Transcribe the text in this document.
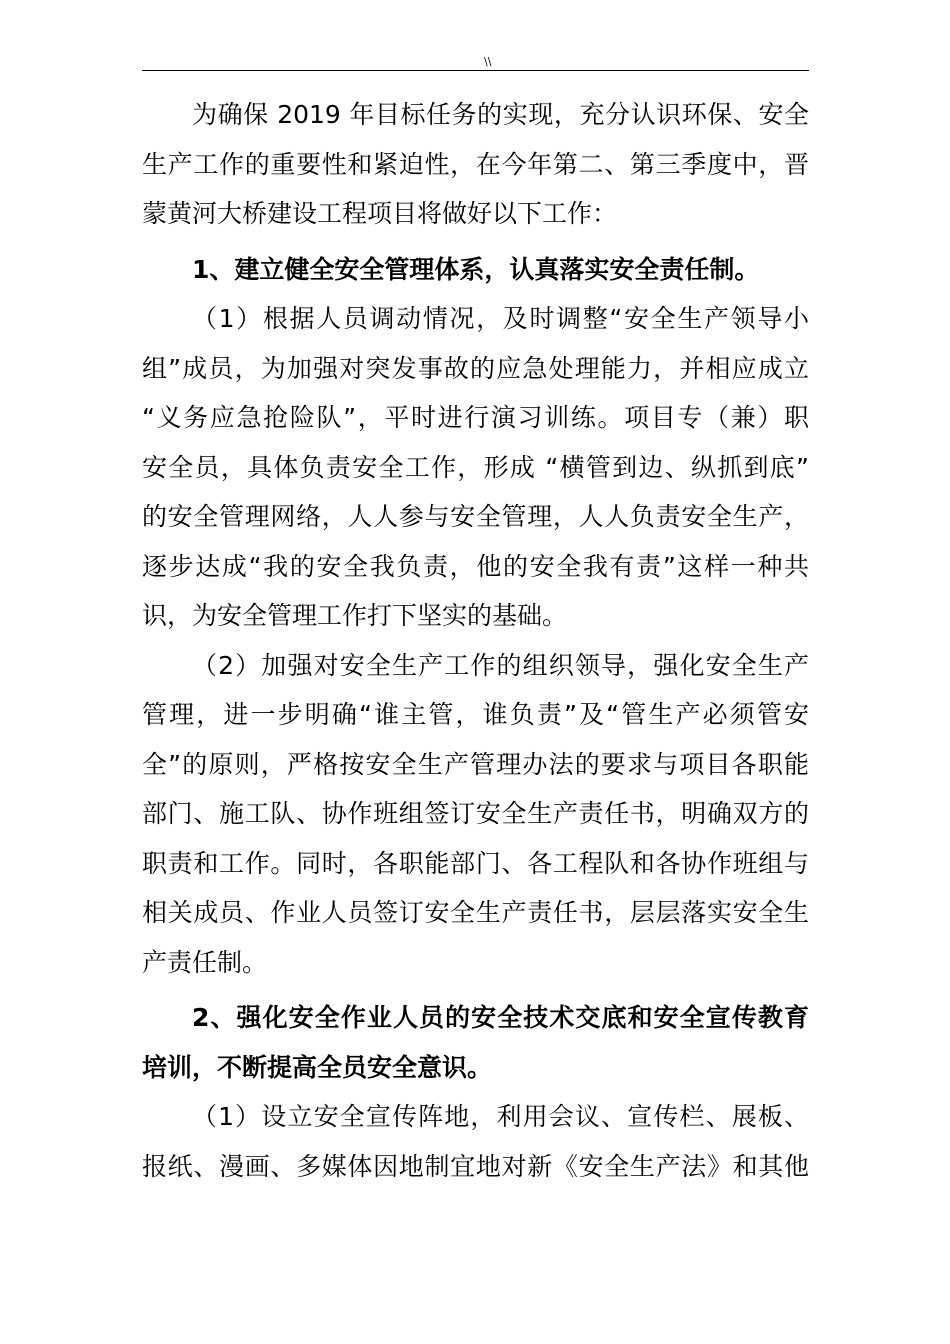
\\
为确保 2019 年目标任务的实现，充分认识环保、安全
生产工作的重要性和紧迫性，在今年第二、第三季度中，晋
蒙黄河大桥建设工程项目将做好以下工作：
1、建立健全安全管理体系，认真落实安全责任制。
（1）根据人员调动情况，及时调整“安全生产领导小
组”成员，为加强对突发事故的应急处理能力，并相应成立
“义务应急抢险队”，平时进行演习训练。项目专（兼）职
安全员，具体负责安全工作，形成 “横管到边、纵抓到底”
的安全管理网络，人人参与安全管理，人人负责安全生产，
逐步达成“我的安全我负责，他的安全我有责”这样一种共
识，为安全管理工作打下坚实的基础。
（2）加强对安全生产工作的组织领导，强化安全生产
管理，进一步明确“谁主管，谁负责”及“管生产必须管安
全”的原则，严格按安全生产管理办法的要求与项目各职能
部门、施工队、协作班组签订安全生产责任书，明确双方的
职责和工作。同时，各职能部门、各工程队和各协作班组与
相关成员、作业人员签订安全生产责任书，层层落实安全生
产责任制。
2、强化安全作业人员的安全技术交底和安全宣传教育
培训，不断提高全员安全意识。
（1）设立安全宣传阵地，利用会议、宣传栏、展板、
报纸、漫画、多媒体因地制宜地对新《安全生产法》和其他
